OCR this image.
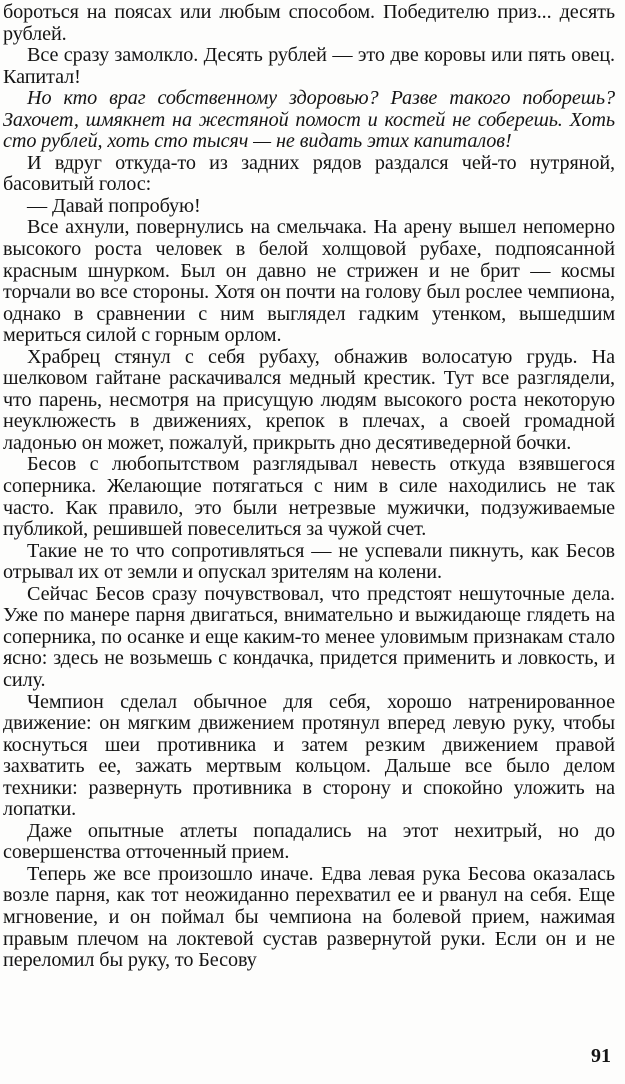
бороться на поясах или любым способом. Победителю приз... десять рублей.

Все сразу замолкло. Десять рублей — это две коровы или пять овец. Капитал!

Но кто враг собственному здоровью? Разве такого поборешь? Захочет, шмякнет на жестяной помост и костей не соберешь. Хоть сто рублей, хоть сто тысяч — не видать этих капиталов!

И вдруг откуда-то из задних рядов раздался чей-то нутряной, басовитый голос:

— Давай попробую!

Все ахнули, повернулись на смельчака. На арену вышел непомерно высокого роста человек в белой холщовой рубахе, подпоясанной красным шнурком. Был он давно не стрижен и не брит — космы торчали во все стороны. Хотя он почти на голову был рослее чемпиона, однако в сравнении с ним выглядел гадким утенком, вышедшим мериться силой с горным орлом.

Храбрец стянул с себя рубаху, обнажив волосатую грудь. На шелковом гайтане раскачивался медный крестик. Тут все разглядели, что парень, несмотря на присущую людям высокого роста некоторую неуклюжесть в движениях, крепок в плечах, а своей громадной ладонью он может, пожалуй, прикрыть дно десятиведерной бочки.

Бесов с любопытством разглядывал невесть откуда взявшегося соперника. Желающие потягаться с ним в силе находились не так часто. Как правило, это были нетрезвые мужички, подзуживаемые публикой, решившей повеселиться за чужой счет.

Такие не то что сопротивляться — не успевали пикнуть, как Бесов отрывал их от земли и опускал зрителям на колени.

Сейчас Бесов сразу почувствовал, что предстоят нешуточные дела. Уже по манере парня двигаться, внимательно и выжидающе глядеть на соперника, по осанке и еще каким-то менее уловимым признакам стало ясно: здесь не возьмешь с кондачка, придется применить и ловкость, и силу.

Чемпион сделал обычное для себя, хорошо натренированное движение: он мягким движением протянул вперед левую руку, чтобы коснуться шеи противника и затем резким движением правой захватить ее, зажать мертвым кольцом. Дальше все было делом техники: развернуть противника в сторону и спокойно уложить на лопатки.

Даже опытные атлеты попадались на этот нехитрый, но до совершенства отточенный прием.

Теперь же все произошло иначе. Едва левая рука Бесова оказалась возле парня, как тот неожиданно перехватил ее и рванул на себя. Еще мгновение, и он поймал бы чемпиона на болевой прием, нажимая правым плечом на локтевой сустав развернутой руки. Если он и не переломил бы руку, то Бесову

91
